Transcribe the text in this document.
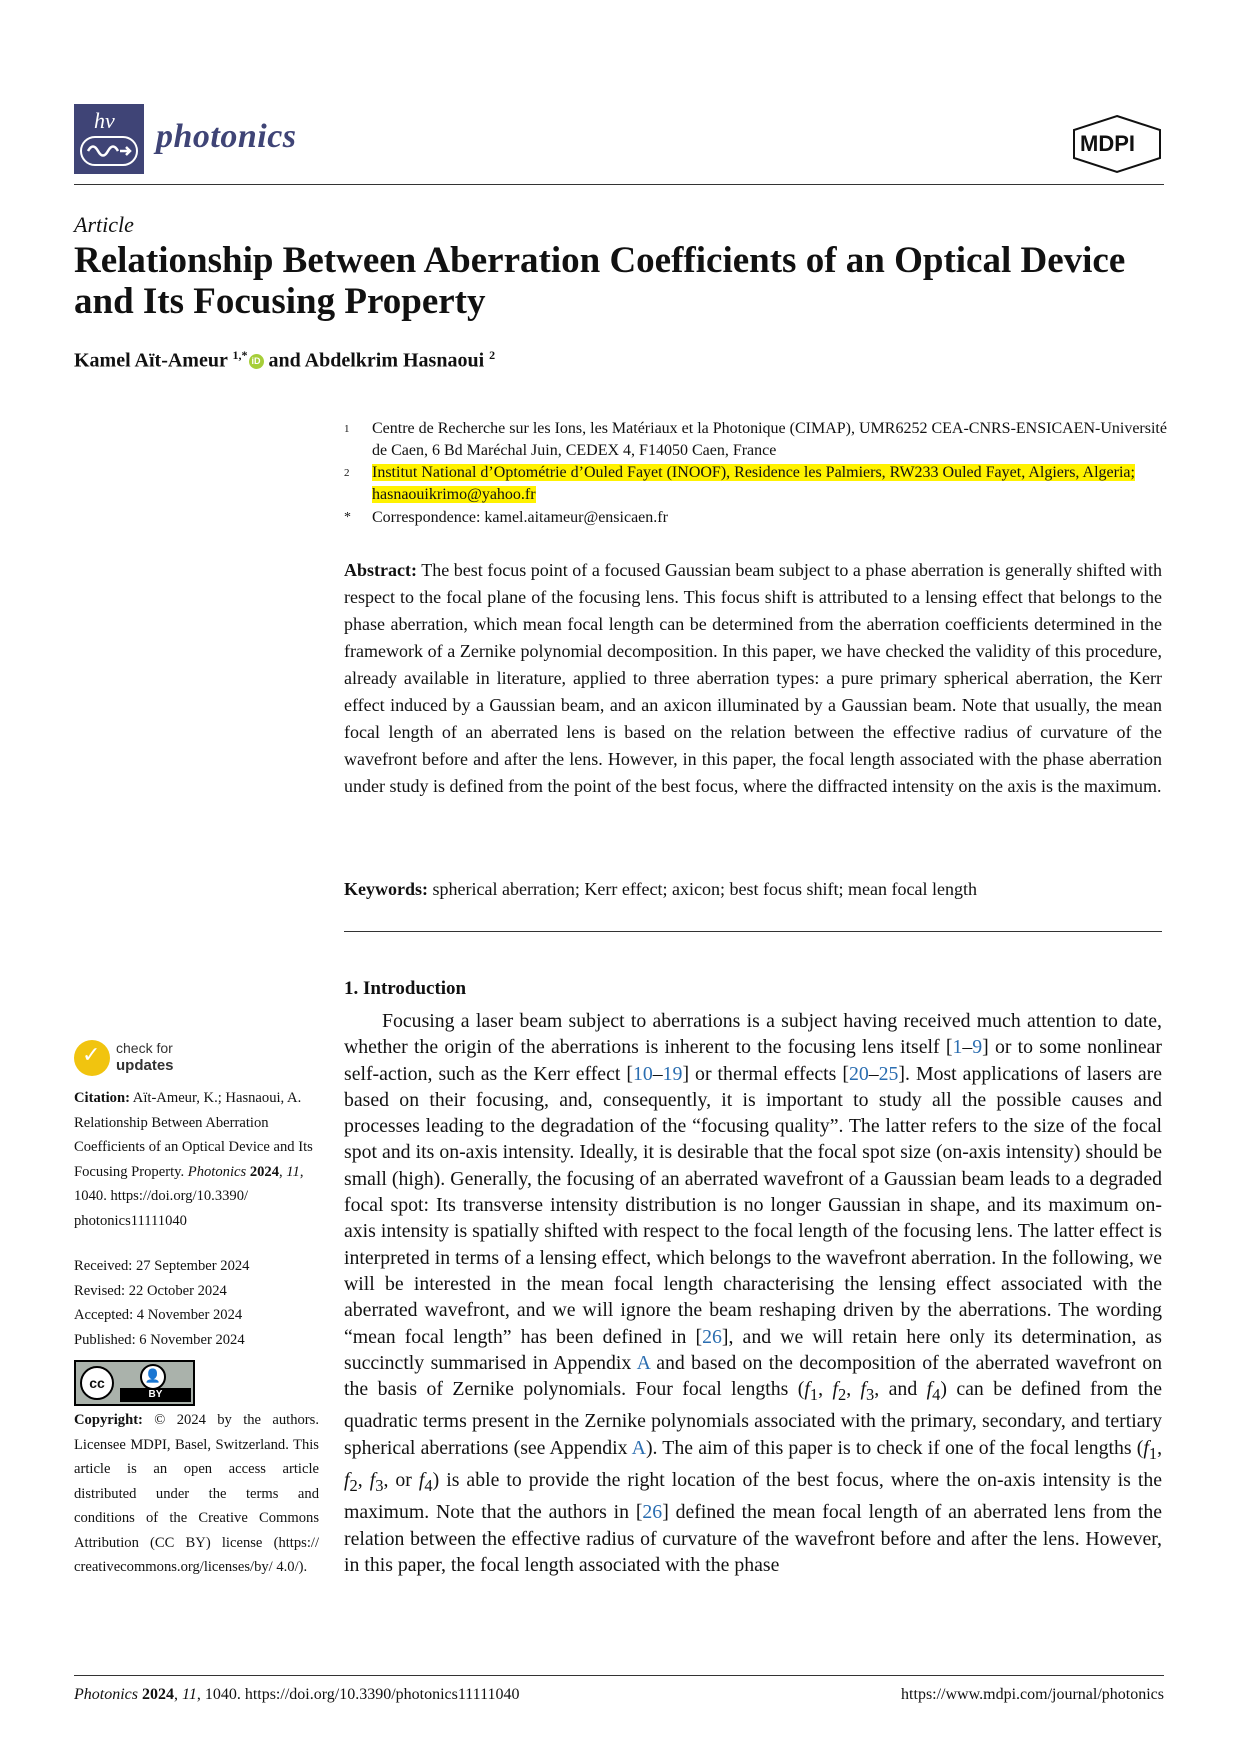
hv photonics	MDPI
Article
Relationship Between Aberration Coefficients of an Optical Device and Its Focusing Property
Kamel Aït-Ameur $^{1,*}$ iD and Abdelkrim Hasnaoui $^2$
1 Centre de Recherche sur les Ions, les Matériaux et la Photonique (CIMAP), UMR6252 CEA-CNRS-ENSICAEN-Université de Caen, 6 Bd Maréchal Juin, CEDEX 4, F14050 Caen, France
2 Institut National d’Optométrie d’Ouled Fayet (INOOF), Residence les Palmiers, RW233 Ouled Fayet, Algiers, Algeria; hasnaouikrimo@yahoo.fr
* Correspondence: kamel.aitameur@ensicaen.fr
Abstract: The best focus point of a focused Gaussian beam subject to a phase aberration is generally shifted with respect to the focal plane of the focusing lens. This focus shift is attributed to a lensing effect that belongs to the phase aberration, which mean focal length can be determined from the aberration coefficients determined in the framework of a Zernike polynomial decomposition. In this paper, we have checked the validity of this procedure, already available in literature, applied to three aberration types: a pure primary spherical aberration, the Kerr effect induced by a Gaussian beam, and an axicon illuminated by a Gaussian beam. Note that usually, the mean focal length of an aberrated lens is based on the relation between the effective radius of curvature of the wavefront before and after the lens. However, in this paper, the focal length associated with the phase aberration under study is defined from the point of the best focus, where the diffracted intensity on the axis is the maximum.
Keywords: spherical aberration; Kerr effect; axicon; best focus shift; mean focal length
1. Introduction
Focusing a laser beam subject to aberrations is a subject having received much attention to date, whether the origin of the aberrations is inherent to the focusing lens itself [1–9] or to some nonlinear self-action, such as the Kerr effect [10–19] or thermal effects [20–25]. Most applications of lasers are based on their focusing, and, consequently, it is important to study all the possible causes and processes leading to the degradation of the “focusing quality”. The latter refers to the size of the focal spot and its on-axis intensity. Ideally, it is desirable that the focal spot size (on-axis intensity) should be small (high). Generally, the focusing of an aberrated wavefront of a Gaussian beam leads to a degraded focal spot: Its transverse intensity distribution is no longer Gaussian in shape, and its maximum on-axis intensity is spatially shifted with respect to the focal length of the focusing lens. The latter effect is interpreted in terms of a lensing effect, which belongs to the wavefront aberration. In the following, we will be interested in the mean focal length characterising the lensing effect associated with the aberrated wavefront, and we will ignore the beam reshaping driven by the aberrations. The wording “mean focal length” has been defined in [26], and we will retain here only its determination, as succinctly summarised in Appendix A and based on the decomposition of the aberrated wavefront on the basis of Zernike polynomials. Four focal lengths ($f_1$, $f_2$, $f_3$, and $f_4$) can be defined from the quadratic terms present in the Zernike polynomials associated with the primary, secondary, and tertiary spherical aberrations (see Appendix A). The aim of this paper is to check if one of the focal lengths ($f_1$, $f_2$, $f_3$, or $f_4$) is able to provide the right location of the best focus, where the on-axis intensity is the maximum. Note that the authors in [26] defined the mean focal length of an aberrated lens from the relation between the effective radius of curvature of the wavefront before and after the lens. However, in this paper, the focal length associated with the phase
✓ check for
updates
Citation: Aït-Ameur, K.; Hasnaoui, A. Relationship Between Aberration Coefficients of an Optical Device and Its Focusing Property. Photonics 2024, 11, 1040. https://doi.org/10.3390/ photonics11111040
Received: 27 September 2024
Revised: 22 October 2024
Accepted: 4 November 2024
Published: 6 November 2024
cc	👤
BY
Copyright: © 2024 by the authors. Licensee MDPI, Basel, Switzerland. This article is an open access article distributed under the terms and conditions of the Creative Commons Attribution (CC BY) license (https:// creativecommons.org/licenses/by/ 4.0/).
Photonics 2024, 11, 1040. https://doi.org/10.3390/photonics11111040	https://www.mdpi.com/journal/photonics
